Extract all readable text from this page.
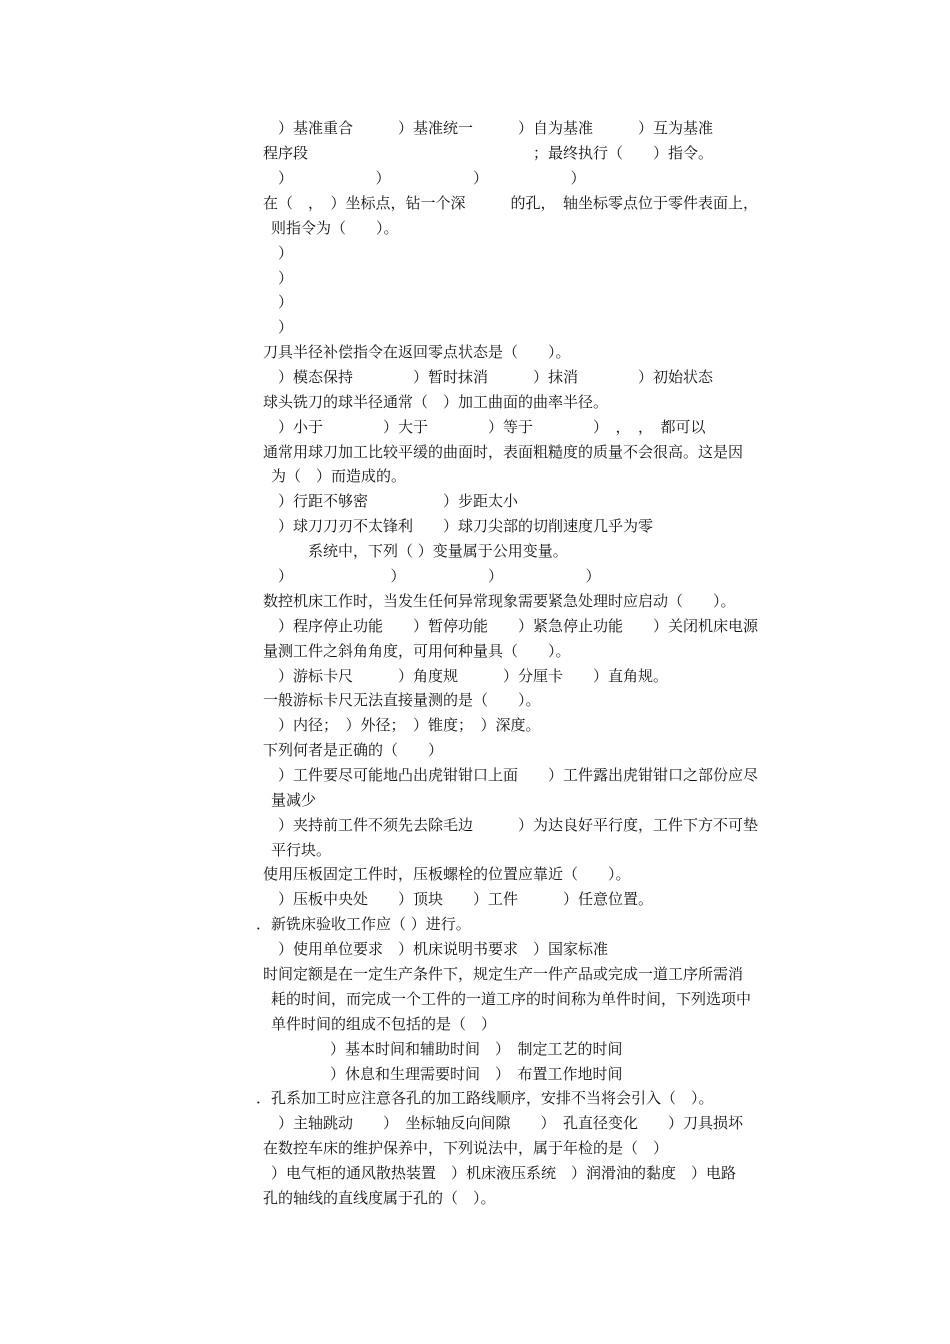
）基准重合　　　）基准统一　　　）自为基准　　　）互为基准
程序段　　　　　　　　　　　　　　　；最终执行（　　）指令。
）　　　　　　）　　　　　　）　　　　　　）
在（　，　）坐标点，钻一个深　　　的孔，　轴坐标零点位于零件表面上，
则指令为（　　）。
）
）
）
）
刀具半径补偿指令在返回零点状态是（　　）。
）模态保持　　　　）暂时抹消　　　）抹消　　　　）初始状态
球头铣刀的球半径通常（　）加工曲面的曲率半径。
）小于　　　　）大于　　　　）等于　　　　）　，　，　都可以
通常用球刀加工比较平缓的曲面时，表面粗糙度的质量不会很高。这是因
为（　）而造成的。
）行距不够密　　　　　）步距太小
）球刀刀刃不太锋利　　）球刀尖部的切削速度几乎为零
系统中，下列（ ）变量属于公用变量。
）　　　　　　　）　　　　　　）　　　　　　）
数控机床工作时，当发生任何异常现象需要紧急处理时应启动（　　）。
）程序停止功能　　）暂停功能　　）紧急停止功能　　）关闭机床电源
量测工件之斜角角度，可用何种量具（　　）。
）游标卡尺　　　）角度规　　　）分厘卡　　）直角规。
一般游标卡尺无法直接量测的是（　　）。
）内径；　）外径；　）锥度；　）深度。
下列何者是正确的（　　）
）工件要尽可能地凸出虎钳钳口上面　　）工件露出虎钳钳口之部份应尽
量减少
）夹持前工件不须先去除毛边　　　）为达良好平行度，工件下方不可垫
平行块。
使用压板固定工件时，压板螺栓的位置应靠近（　　）。
）压板中央处　　）顶块　　）工件　　　）任意位置。
．新铣床验收工作应（ ）进行。
）使用单位要求　）机床说明书要求　）国家标准
时间定额是在一定生产条件下，规定生产一件产品或完成一道工序所需消
耗的时间，而完成一个工件的一道工序的时间称为单件时间，下列选项中
单件时间的组成不包括的是（　）
）基本时间和辅助时间　）　制定工艺的时间
）休息和生理需要时间　）　布置工作地时间
．孔系加工时应注意各孔的加工路线顺序，安排不当将会引入（　）。
）主轴跳动　　）　坐标轴反向间隙　　）　孔直径变化　　）刀具损坏
在数控车床的维护保养中，下列说法中，属于年检的是（　）
）电气柜的通风散热装置　）机床液压系统　）润滑油的黏度　）电路
孔的轴线的直线度属于孔的（　）。
